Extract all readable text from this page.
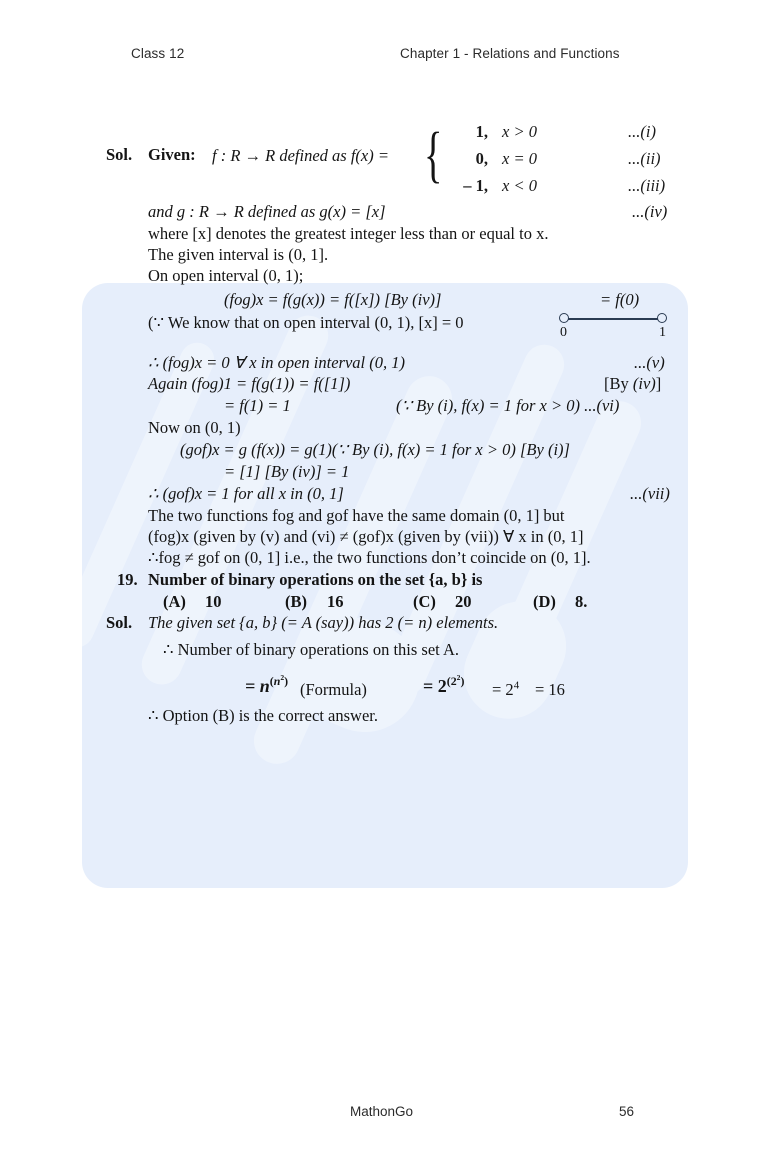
Class 12	Chapter 1 - Relations and Functions
Sol. Given: f : R → R defined as f(x) = {	1, x > 0	...(i)
0, x = 0	...(ii)
– 1, x < 0	...(iii)
and g : R → R defined as g(x) = [x]	...(iv)
where [x] denotes the greatest integer less than or equal to x.
The given interval is (0, 1].
On open interval (0, 1);
(fog)x = f(g(x)) = f([x]) [By (iv)]	= f(0)
(∵ We know that on open interval (0, 1), [x] = 0
0	1
∴ (fog)x = 0 ∀ x in open interval (0, 1)	...(v)
Again (fog)1 = f(g(1)) = f([1])	[By (iv)]
= f(1) = 1	(∵ By (i), f(x) = 1 for x > 0) ...(vi)
Now on (0, 1)
(gof)x = g (f(x)) = g(1)(∵ By (i), f(x) = 1 for x > 0) [By (i)]
= [1] [By (iv)] = 1
∴ (gof)x = 1 for all x in (0, 1]	...(vii)
The two functions fog and gof have the same domain (0, 1] but
(fog)x (given by (v) and (vi) ≠ (gof)x (given by (vii)) ∀ x in (0, 1]
∴fog ≠ gof on (0, 1] i.e., the two functions don’t coincide on (0, 1].
19. Number of binary operations on the set {a, b} is
(A) 10	(B) 16	(C) 20	(D) 8.
Sol. The given set {a, b} (= A (say)) has 2 (= n) elements.
∴ Number of binary operations on this set A.
= $n^{(n^2)}$ (Formula)	= $2^{(2^2)} = 2^4 = 16$
∴ Option (B) is the correct answer.
MathonGo	56
